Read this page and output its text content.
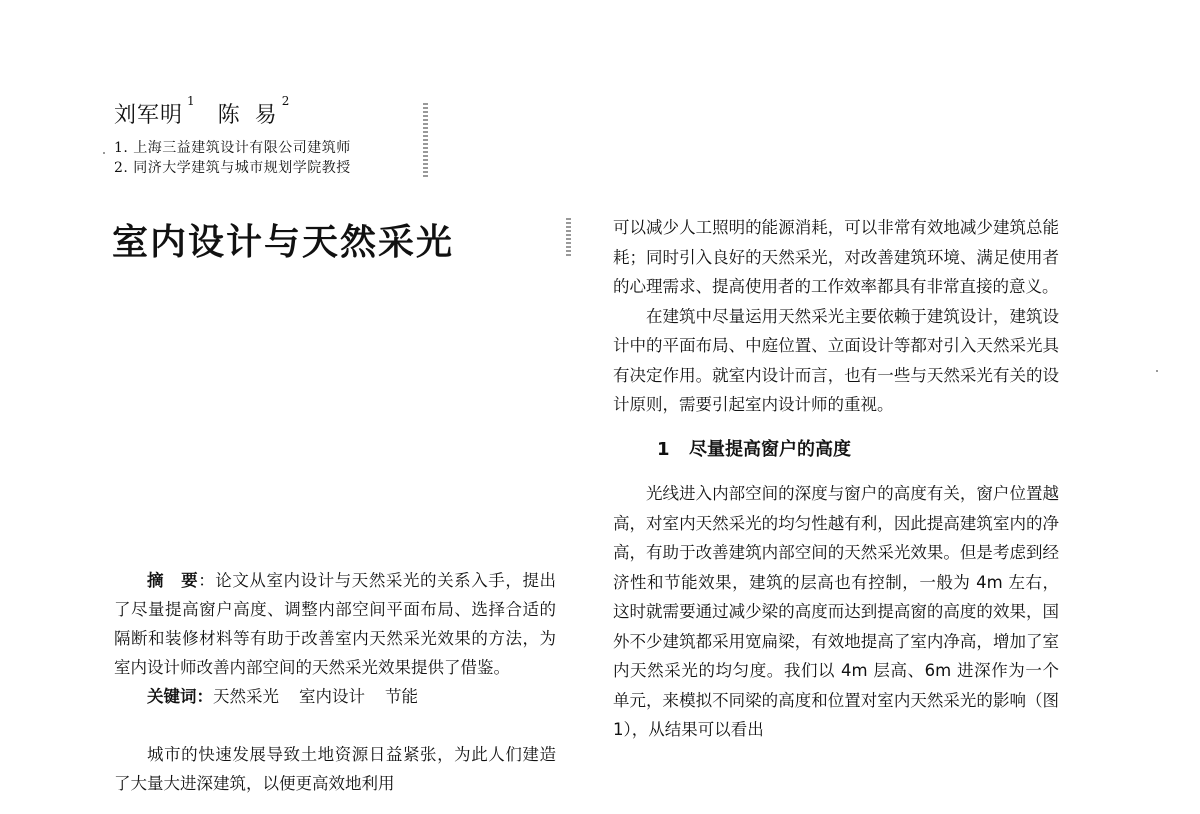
刘军明$^1$陈 易$^2$
1. 上海三益建筑设计有限公司建筑师
2. 同济大学建筑与城市规划学院教授
室内设计与天然采光

摘　要：论文从室内设计与天然采光的关系入手，提出了尽量提高窗户高度、调整内部空间平面布局、选择合适的隔断和装修材料等有助于改善室内天然采光效果的方法，为室内设计师改善内部空间的天然采光效果提供了借鉴。

关键词：天然采光 室内设计 节能

城市的快速发展导致土地资源日益紧张，为此人们建造了大量大进深建筑，以便更高效地利用

可以减少人工照明的能源消耗，可以非常有效地减少建筑总能耗；同时引入良好的天然采光，对改善建筑环境、满足使用者的心理需求、提高使用者的工作效率都具有非常直接的意义。

在建筑中尽量运用天然采光主要依赖于建筑设计，建筑设计中的平面布局、中庭位置、立面设计等都对引入天然采光具有决定作用。就室内设计而言，也有一些与天然采光有关的设计原则，需要引起室内设计师的重视。

1 尽量提高窗户的高度

光线进入内部空间的深度与窗户的高度有关，窗户位置越高，对室内天然采光的均匀性越有利，因此提高建筑室内的净高，有助于改善建筑内部空间的天然采光效果。但是考虑到经济性和节能效果，建筑的层高也有控制，一般为 4m 左右，这时就需要通过减少梁的高度而达到提高窗的高度的效果，国外不少建筑都采用宽扁梁，有效地提高了室内净高，增加了室内天然采光的均匀度。我们以 4m 层高、6m 进深作为一个单元，来模拟不同梁的高度和位置对室内天然采光的影响（图 1），从结果可以看出
